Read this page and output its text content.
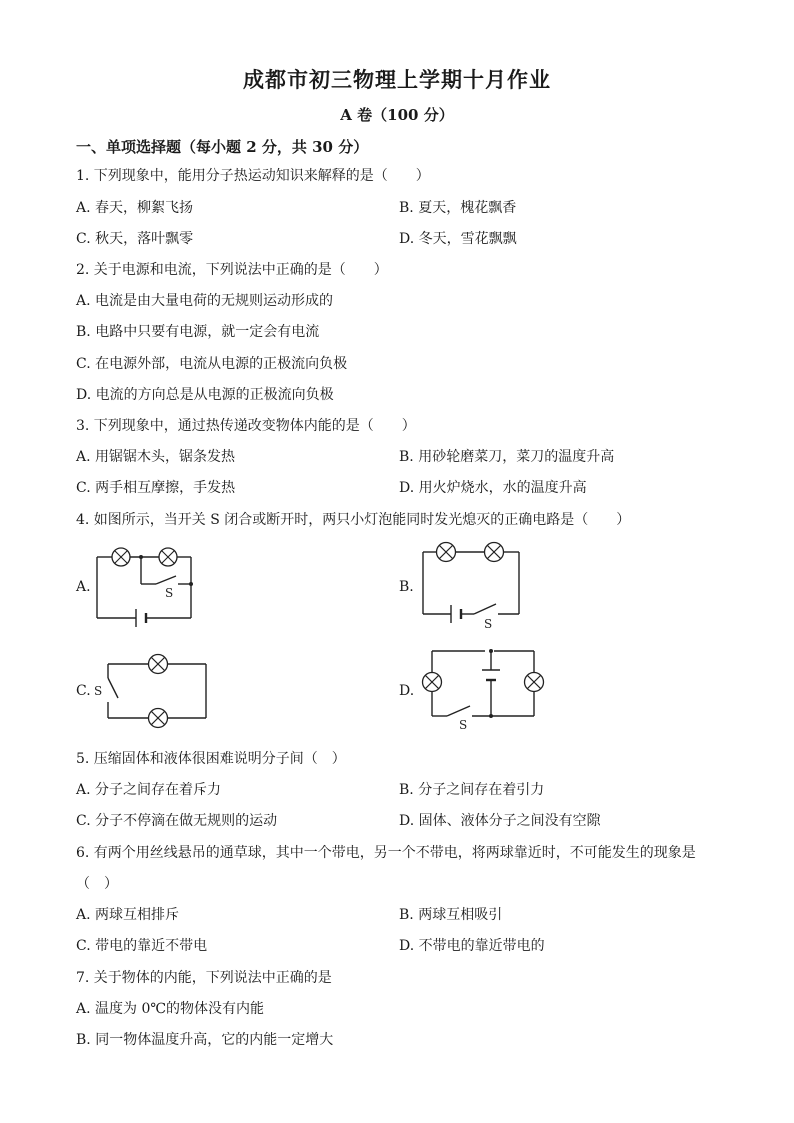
成都市初三物理上学期十月作业
A 卷（100 分）
一、单项选择题（每小题 2 分，共 30 分）
1. 下列现象中，能用分子热运动知识来解释的是（　　）
A. 春天，柳絮飞扬	B. 夏天，槐花飘香
C. 秋天，落叶飘零	D. 冬天，雪花飘飘
2. 关于电源和电流，下列说法中正确的是（　　）
A. 电流是由大量电荷的无规则运动形成的
B. 电路中只要有电源，就一定会有电流
C. 在电源外部，电流从电源的正极流向负极
D. 电流的方向总是从电源的正极流向负极
3. 下列现象中，通过热传递改变物体内能的是（　　）
A. 用锯锯木头，锯条发热	B. 用砂轮磨菜刀，菜刀的温度升高
C. 两手相互摩擦，手发热	D. 用火炉烧水，水的温度升高
4. 如图所示，当开关 S 闭合或断开时，两只小灯泡能同时发光熄灭的正确电路是（　　）
A.	B.
C.	D.
S
S
S
S
5. 压缩固体和液体很困难说明分子间（　）
A. 分子之间存在着斥力	B. 分子之间存在着引力
C. 分子不停滴在做无规则的运动	D. 固体、液体分子之间没有空隙
6. 有两个用丝线悬吊的通草球，其中一个带电，另一个不带电，将两球靠近时，不可能发生的现象是
（　）
A. 两球互相排斥	B. 两球互相吸引
C. 带电的靠近不带电	D. 不带电的靠近带电的
7. 关于物体的内能，下列说法中正确的是
A. 温度为 0℃的物体没有内能
B. 同一物体温度升高，它的内能一定增大
